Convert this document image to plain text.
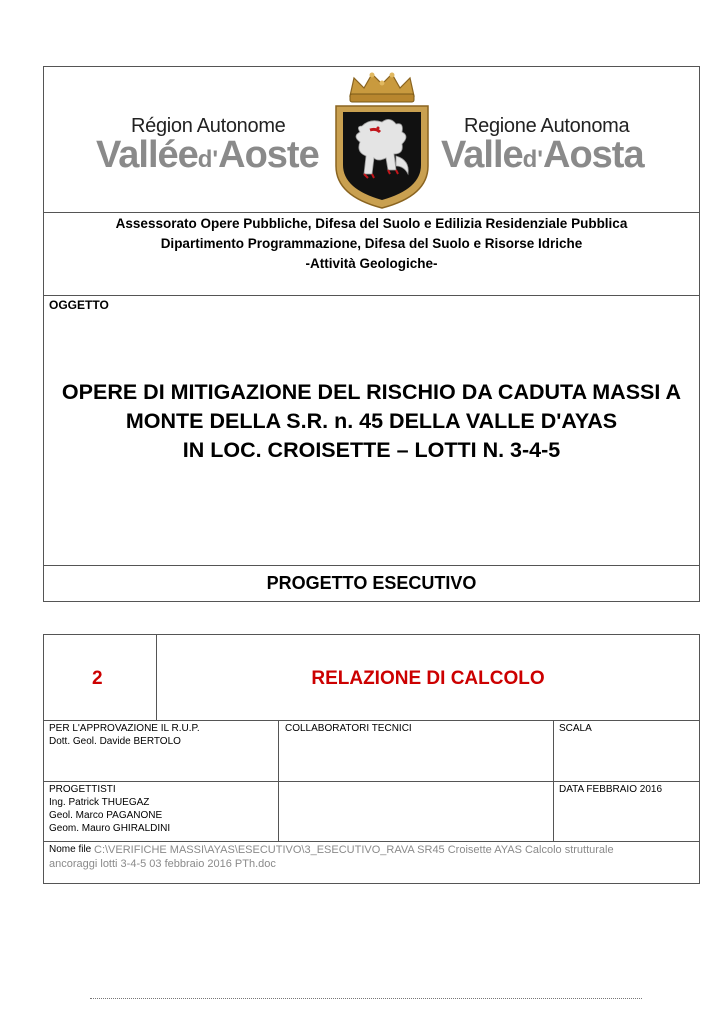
Région Autonome
Valléed'Aoste
Regione Autonoma
Valled'Aosta
Assessorato Opere Pubbliche, Difesa del Suolo e Edilizia Residenziale Pubblica
Dipartimento Programmazione, Difesa del Suolo e Risorse Idriche
-Attività Geologiche-
OGGETTO
OPERE DI MITIGAZIONE DEL RISCHIO DA CADUTA MASSI A
MONTE DELLA S.R. n. 45 DELLA VALLE D'AYAS
IN LOC. CROISETTE – LOTTI N. 3-4-5
PROGETTO ESECUTIVO
2	RELAZIONE DI CALCOLO
PER L'APPROVAZIONE IL R.U.P.
Dott. Geol. Davide BERTOLO
COLLABORATORI TECNICI	SCALA
PROGETTISTI
Ing. Patrick THUEGAZ
Geol. Marco PAGANONE
Geom. Mauro GHIRALDINI
DATA FEBBRAIO 2016
Nome file C:\VERIFICHE MASSI\AYAS\ESECUTIVO\3_ESECUTIVO_RAVA SR45 Croisette AYAS Calcolo strutturale
ancoraggi lotti 3-4-5 03 febbraio 2016 PTh.doc
